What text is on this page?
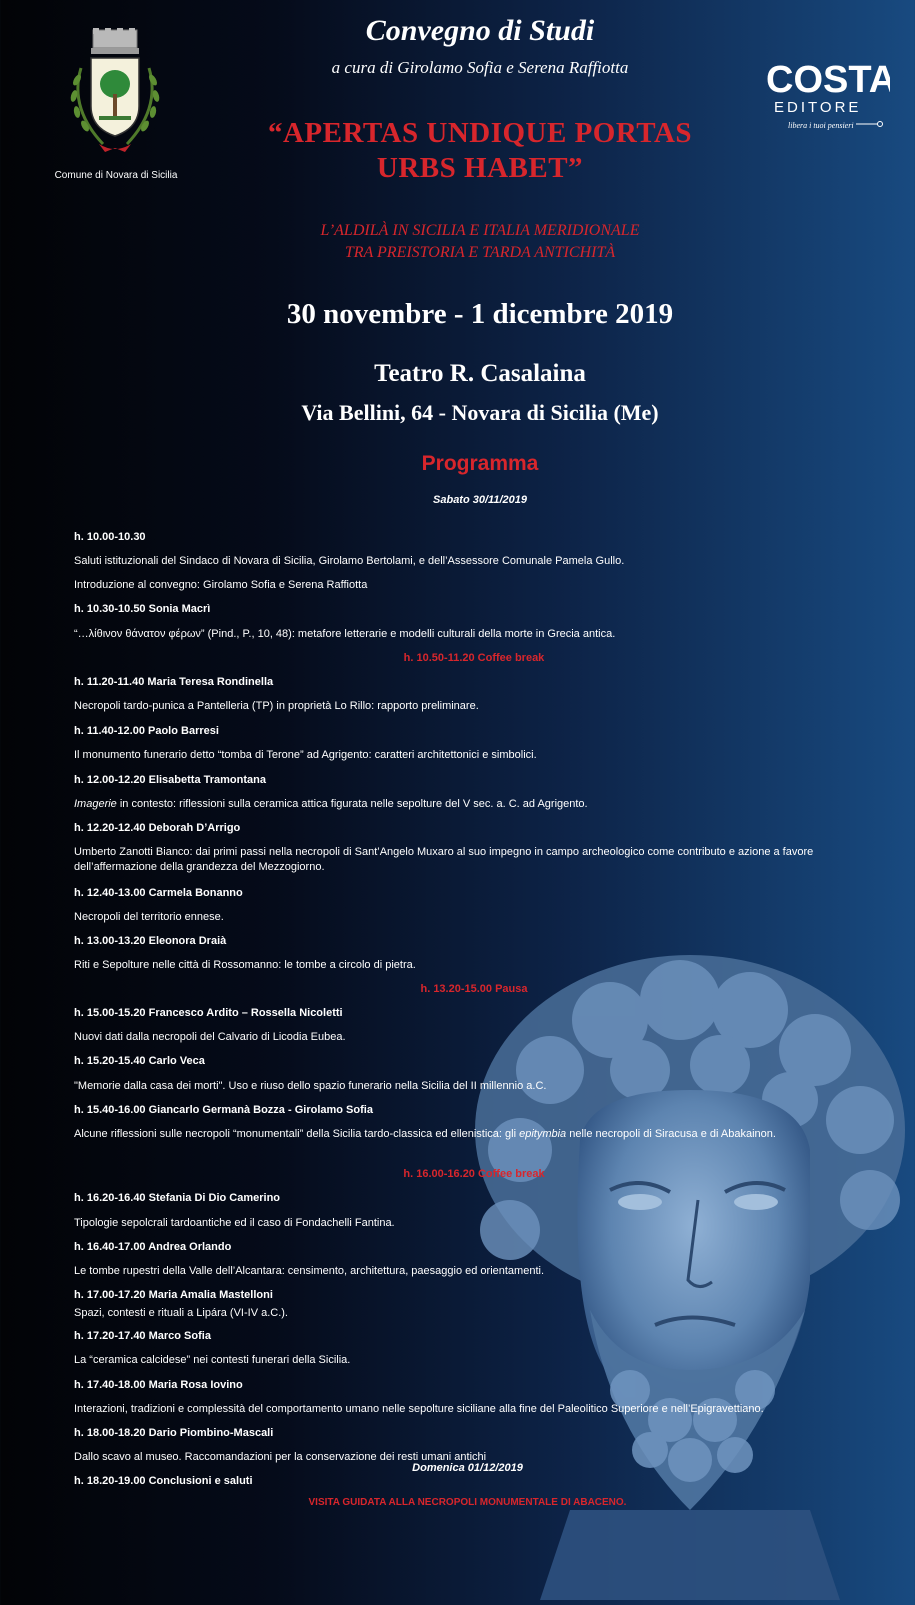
Comune di Novara di Sicilia
COSTA
EDITORE
libera i tuoi pensieri
Convegno di Studi
a cura di Girolamo Sofia e Serena Raffiotta
“APERTAS UNDIQUE PORTAS
URBS HABET”
L’ALDILÀ IN SICILIA E ITALIA MERIDIONALE
TRA PREISTORIA E TARDA ANTICHITÀ
30 novembre - 1 dicembre 2019
Teatro R. Casalaina
Via Bellini, 64 - Novara di Sicilia (Me)
Programma
Sabato 30/11/2019
h. 10.00-10.30
Saluti istituzionali del Sindaco di Novara di Sicilia, Girolamo Bertolami, e dell’Assessore Comunale Pamela Gullo.
Introduzione al convegno: Girolamo Sofia e Serena Raffiotta
h. 10.30-10.50 Sonia Macrì
“…λίθινον θάνατον φέρων” (Pind., P., 10, 48): metafore letterarie e modelli culturali della morte in Grecia antica.
h. 10.50-11.20 Coffee break
h. 11.20-11.40 Maria Teresa Rondinella
Necropoli tardo-punica a Pantelleria (TP) in proprietà Lo Rillo: rapporto preliminare.
h. 11.40-12.00 Paolo Barresi
Il monumento funerario detto “tomba di Terone” ad Agrigento: caratteri architettonici e simbolici.
h. 12.00-12.20 Elisabetta Tramontana
Imagerie in contesto: riflessioni sulla ceramica attica figurata nelle sepolture del V sec. a. C. ad Agrigento.
h. 12.20-12.40 Deborah D’Arrigo
Umberto Zanotti Bianco: dai primi passi nella necropoli di Sant’Angelo Muxaro al suo impegno in campo archeologico come contributo e azione a favore dell’affermazione della grandezza del Mezzogiorno.
h. 12.40-13.00 Carmela Bonanno
Necropoli del territorio ennese.
h. 13.00-13.20 Eleonora Draià
Riti e Sepolture nelle città di Rossomanno: le tombe a circolo di pietra.
h. 13.20-15.00 Pausa
h. 15.00-15.20 Francesco Ardito – Rossella Nicoletti
Nuovi dati dalla necropoli del Calvario di Licodia Eubea.
h. 15.20-15.40 Carlo Veca
"Memorie dalla casa dei morti". Uso e riuso dello spazio funerario nella Sicilia del II millennio a.C.
h. 15.40-16.00 Giancarlo Germanà Bozza - Girolamo Sofia
Alcune riflessioni sulle necropoli “monumentali” della Sicilia tardo-classica ed ellenistica: gli epitymbia nelle necropoli di Siracusa e di Abakainon.
h. 16.00-16.20 Coffee break
h. 16.20-16.40 Stefania Di Dio Camerino
Tipologie sepolcrali tardoantiche ed il caso di Fondachelli Fantina.
h. 16.40-17.00 Andrea Orlando
Le tombe rupestri della Valle dell’Alcantara: censimento, architettura, paesaggio ed orientamenti.
h. 17.00-17.20 Maria Amalia Mastelloni
Spazi, contesti e rituali a Lipára (VI-IV a.C.).
h. 17.20-17.40 Marco Sofia
La “ceramica calcidese” nei contesti funerari della Sicilia.
h. 17.40-18.00 Maria Rosa Iovino
Interazioni, tradizioni e complessità del comportamento umano nelle sepolture siciliane alla fine del Paleolitico Superiore e nell’Epigravettiano.
h. 18.00-18.20 Dario Piombino-Mascali
Dallo scavo al museo. Raccomandazioni per la conservazione dei resti umani antichi
h. 18.20-19.00 Conclusioni e saluti
Domenica 01/12/2019
VISITA GUIDATA ALLA NECROPOLI MONUMENTALE DI ABACENO.
